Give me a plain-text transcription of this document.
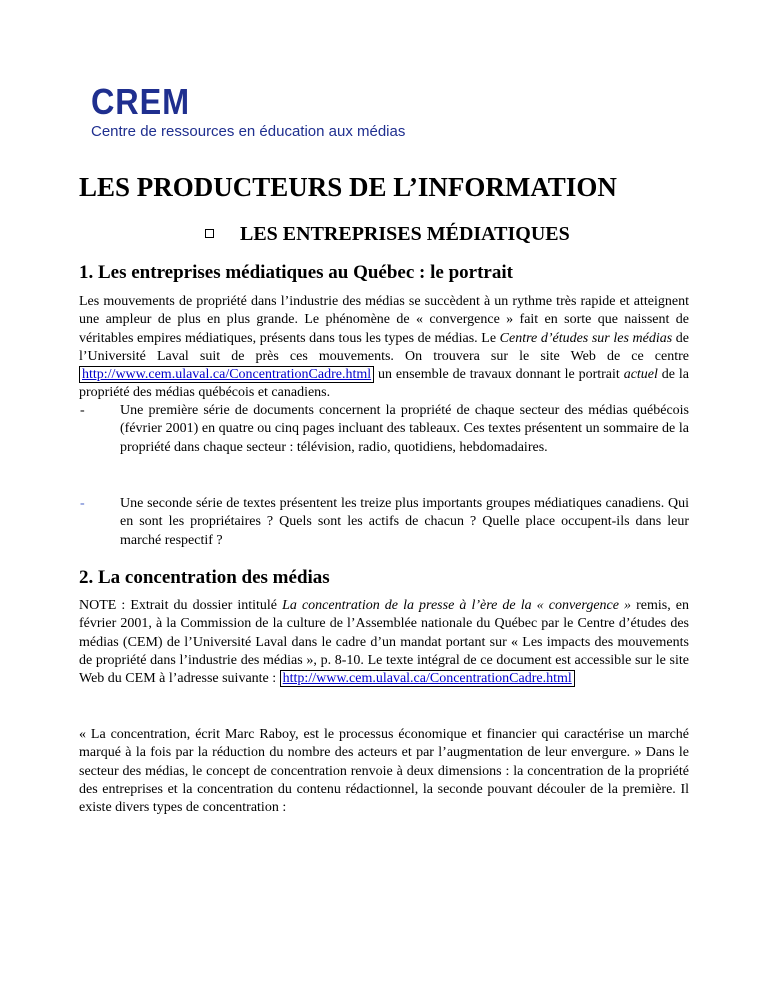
CREM
Centre de ressources en éducation aux médias
LES PRODUCTEURS DE L’INFORMATION
LES ENTREPRISES MÉDIATIQUES
1. Les entreprises médiatiques au Québec : le portrait

Les mouvements de propriété dans l’industrie des médias se succèdent à un rythme très rapide et atteignent une ampleur de plus en plus grande. Le phénomène de « convergence » fait en sorte que naissent de véritables empires médiatiques, présents dans tous les types de médias. Le Centre d’études sur les médias de l’Université Laval suit de près ces mouvements. On trouvera sur le site Web de ce centre http://www.cem.ulaval.ca/ConcentrationCadre.html un ensemble de travaux donnant le portrait actuel de la propriété des médias québécois et canadiens.

-	Une première série de documents concernent la propriété de chaque secteur des médias québécois (février 2001) en quatre ou cinq pages incluant des tableaux. Ces textes présentent un sommaire de la propriété dans chaque secteur : télévision, radio, quotidiens, hebdomadaires.
-	Une seconde série de textes présentent les treize plus importants groupes médiatiques canadiens. Qui en sont les propriétaires ? Quels sont les actifs de chacun ? Quelle place occupent-ils dans leur marché respectif ?
2. La concentration des médias

NOTE : Extrait du dossier intitulé La concentration de la presse à l’ère de la « convergence » remis, en février 2001, à la Commission de la culture de l’Assemblée nationale du Québec par le Centre d’études des médias (CEM) de l’Université Laval dans le cadre d’un mandat portant sur « Les impacts des mouvements de propriété dans l’industrie des médias », p. 8-10. Le texte intégral de ce document est accessible sur le site Web du CEM à l’adresse suivante : http://www.cem.ulaval.ca/ConcentrationCadre.html

« La concentration, écrit Marc Raboy, est le processus économique et financier qui caractérise un marché marqué à la fois par la réduction du nombre des acteurs et par l’augmentation de leur envergure. » Dans le secteur des médias, le concept de concentration renvoie à deux dimensions : la concentration de la propriété des entreprises et la concentration du contenu rédactionnel, la seconde pouvant découler de la première. Il existe divers types de concentration :
